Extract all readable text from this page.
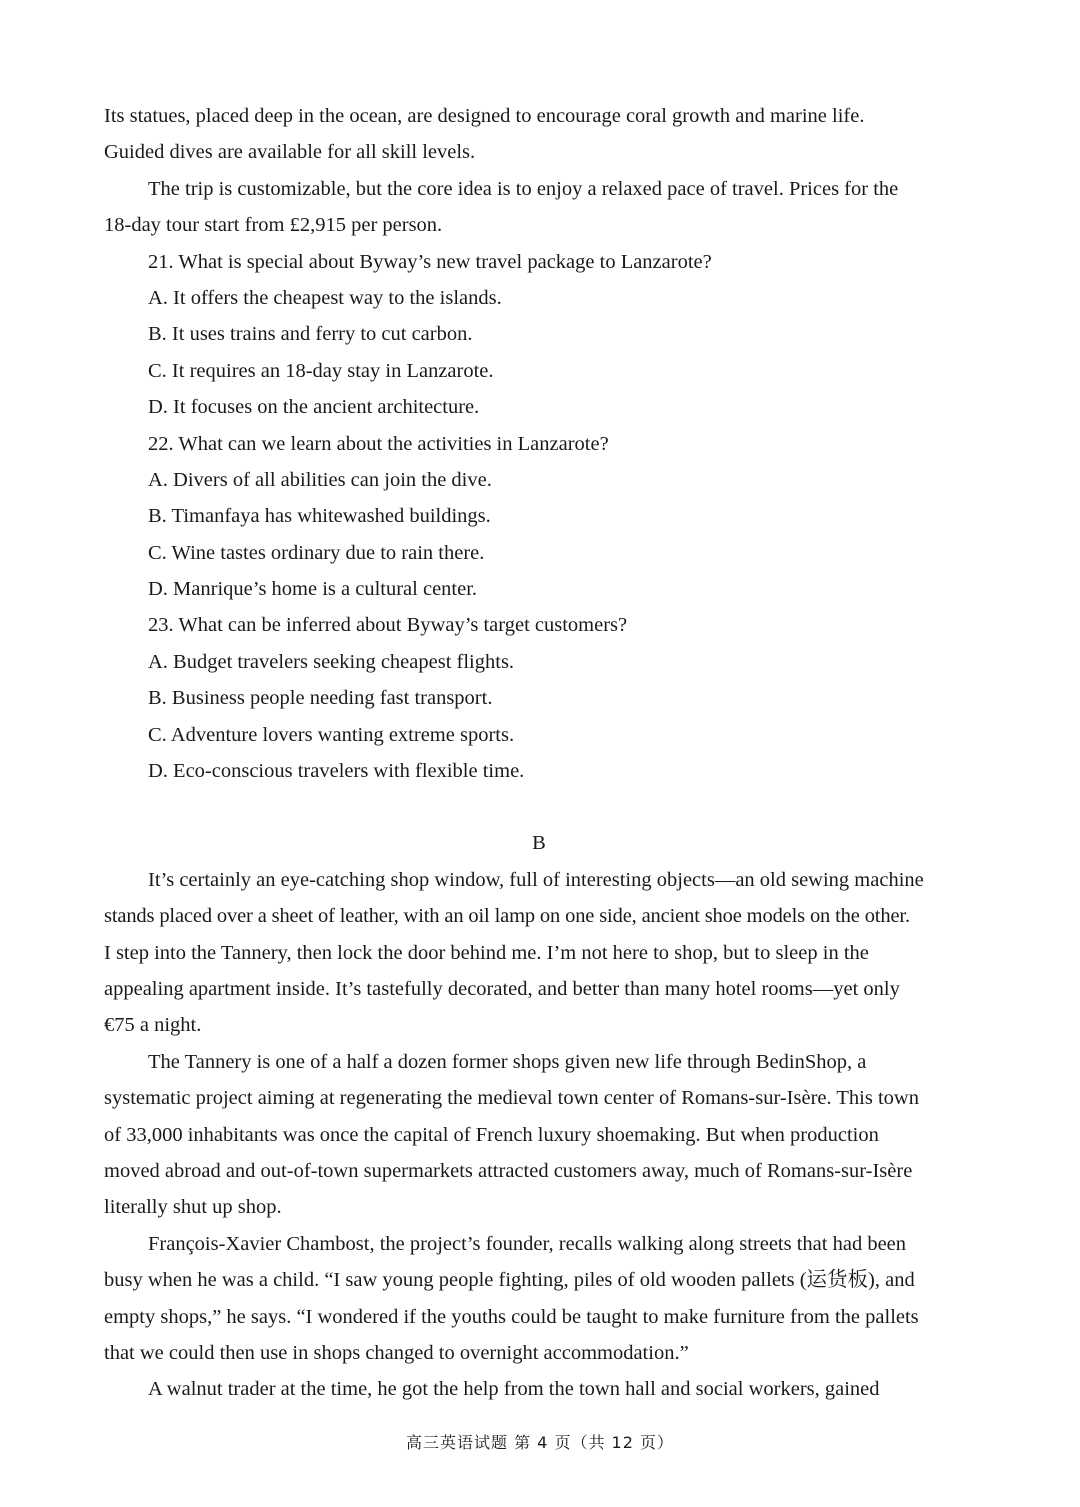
Its statues, placed deep in the ocean, are designed to encourage coral growth and marine life.

Guided dives are available for all skill levels.

The trip is customizable, but the core idea is to enjoy a relaxed pace of travel. Prices for the

18-day tour start from £2,915 per person.

21. What is special about Byway’s new travel package to Lanzarote?

A. It offers the cheapest way to the islands.

B. It uses trains and ferry to cut carbon.

C. It requires an 18-day stay in Lanzarote.

D. It focuses on the ancient architecture.

22. What can we learn about the activities in Lanzarote?

A. Divers of all abilities can join the dive.

B. Timanfaya has whitewashed buildings.

C. Wine tastes ordinary due to rain there.

D. Manrique’s home is a cultural center.

23. What can be inferred about Byway’s target customers?

A. Budget travelers seeking cheapest flights.

B. Business people needing fast transport.

C. Adventure lovers wanting extreme sports.

D. Eco-conscious travelers with flexible time.

B

It’s certainly an eye-catching shop window, full of interesting objects—an old sewing machine

stands placed over a sheet of leather, with an oil lamp on one side, ancient shoe models on the other.

I step into the Tannery, then lock the door behind me. I’m not here to shop, but to sleep in the

appealing apartment inside. It’s tastefully decorated, and better than many hotel rooms—yet only

€75 a night.

The Tannery is one of a half a dozen former shops given new life through BedinShop, a

systematic project aiming at regenerating the medieval town center of Romans-sur-Isère. This town

of 33,000 inhabitants was once the capital of French luxury shoemaking. But when production

moved abroad and out-of-town supermarkets attracted customers away, much of Romans-sur-Isère

literally shut up shop.

François-Xavier Chambost, the project’s founder, recalls walking along streets that had been

busy when he was a child. “I saw young people fighting, piles of old wooden pallets (运货板), and

empty shops,” he says. “I wondered if the youths could be taught to make furniture from the pallets

that we could then use in shops changed to overnight accommodation.”

A walnut trader at the time, he got the help from the town hall and social workers, gained

高三英语试题 第 4 页（共 12 页）
